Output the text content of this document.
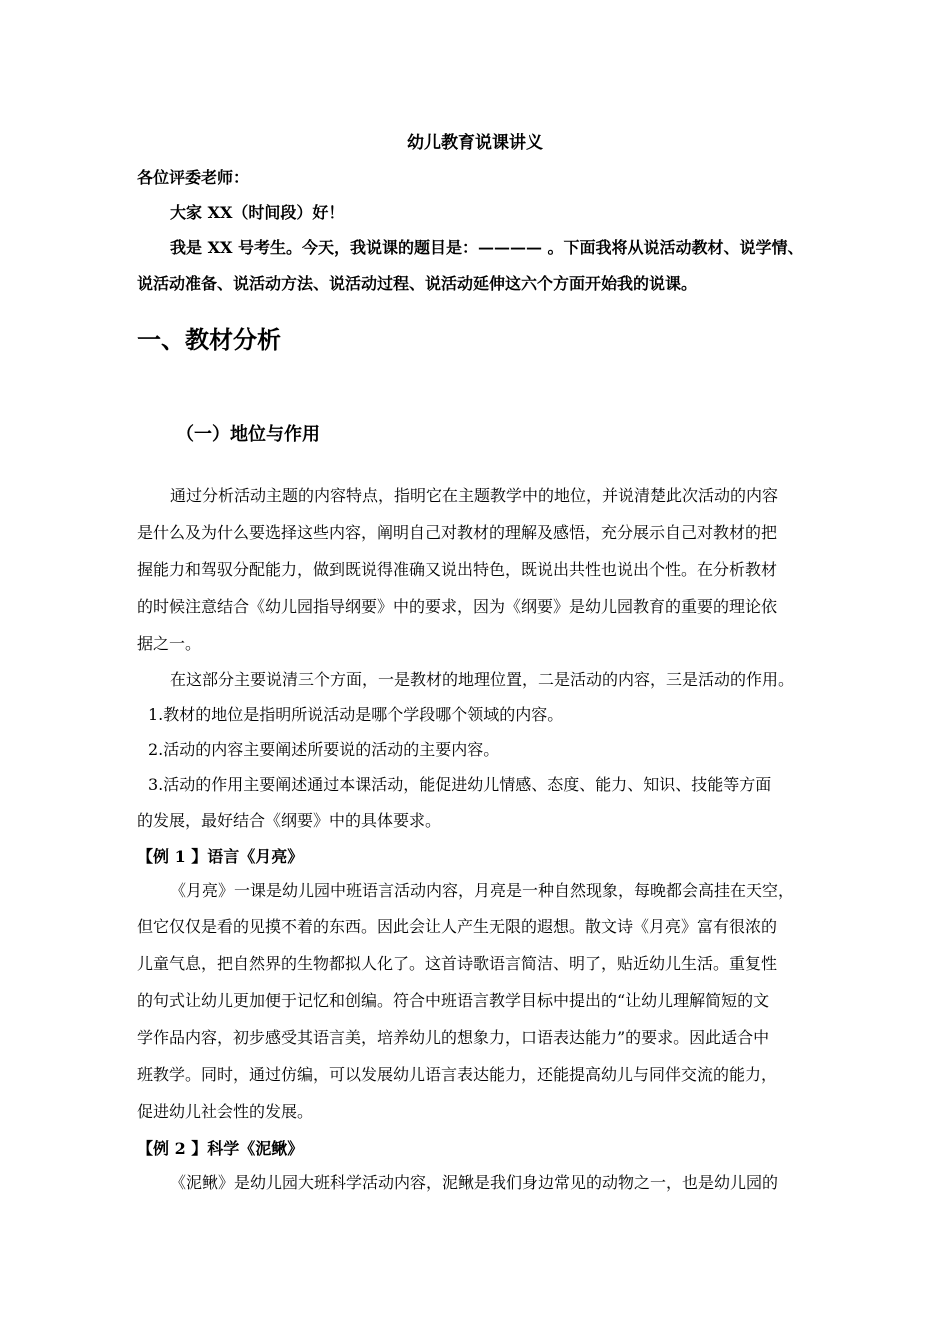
幼儿教育说课讲义
各位评委老师：
大家 XX（时间段）好！
我是 XX 号考生。今天，我说课的题目是：———— 。下面我将从说活动教材、说学情、
说活动准备、说活动方法、说活动过程、说活动延伸这六个方面开始我的说课。
一、教材分析
（一）地位与作用
通过分析活动主题的内容特点，指明它在主题教学中的地位，并说清楚此次活动的内容
是什么及为什么要选择这些内容，阐明自己对教材的理解及感悟，充分展示自己对教材的把
握能力和驾驭分配能力，做到既说得准确又说出特色，既说出共性也说出个性。在分析教材
的时候注意结合《幼儿园指导纲要》中的要求，因为《纲要》是幼儿园教育的重要的理论依
据之一。
在这部分主要说清三个方面，一是教材的地理位置，二是活动的内容，三是活动的作用。
1.教材的地位是指明所说活动是哪个学段哪个领域的内容。
2.活动的内容主要阐述所要说的活动的主要内容。
3.活动的作用主要阐述通过本课活动，能促进幼儿情感、态度、能力、知识、技能等方面
的发展，最好结合《纲要》中的具体要求。
【例 1 】语言《月亮》
《月亮》一课是幼儿园中班语言活动内容，月亮是一种自然现象，每晚都会高挂在天空，
但它仅仅是看的见摸不着的东西。因此会让人产生无限的遐想。散文诗《月亮》富有很浓的
儿童气息，把自然界的生物都拟人化了。这首诗歌语言简洁、明了，贴近幼儿生活。重复性
的句式让幼儿更加便于记忆和创编。符合中班语言教学目标中提出的“让幼儿理解简短的文
学作品内容，初步感受其语言美，培养幼儿的想象力，口语表达能力”的要求。因此适合中
班教学。同时，通过仿编，可以发展幼儿语言表达能力，还能提高幼儿与同伴交流的能力，
促进幼儿社会性的发展。
【例 2 】科学《泥鳅》
《泥鳅》是幼儿园大班科学活动内容，泥鳅是我们身边常见的动物之一，也是幼儿园的
